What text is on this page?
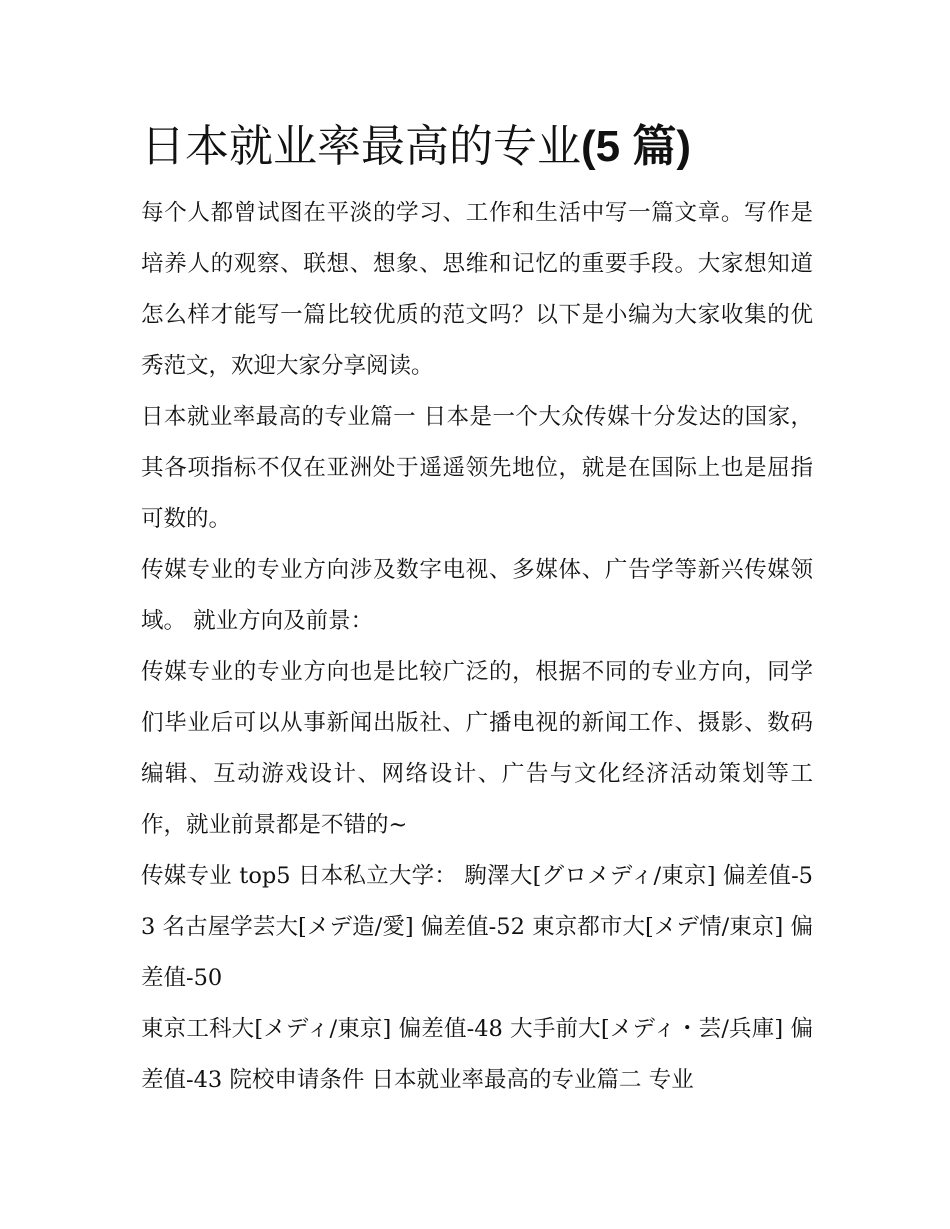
日本就业率最高的专业(5 篇)

每个人都曾试图在平淡的学习、工作和生活中写一篇文章。写作是培养人的观察、联想、想象、思维和记忆的重要手段。大家想知道怎么样才能写一篇比较优质的范文吗？以下是小编为大家收集的优秀范文，欢迎大家分享阅读。

日本就业率最高的专业篇一 日本是一个大众传媒十分发达的国家，其各项指标不仅在亚洲处于遥遥领先地位，就是在国际上也是屈指可数的。

传媒专业的专业方向涉及数字电视、多媒体、广告学等新兴传媒领域。 就业方向及前景：

传媒专业的专业方向也是比较广泛的，根据不同的专业方向，同学们毕业后可以从事新闻出版社、广播电视的新闻工作、摄影、数码编辑、互动游戏设计、网络设计、广告与文化经济活动策划等工作，就业前景都是不错的~

传媒专业 top5 日本私立大学： 駒澤大[グロメディ/東京] 偏差值-53 名古屋学芸大[メデ造/愛] 偏差值-52 東京都市大[メデ情/東京] 偏差值-50

東京工科大[メディ/東京] 偏差值-48 大手前大[メディ・芸/兵庫] 偏差值-43 院校申请条件 日本就业率最高的专业篇二 专业
